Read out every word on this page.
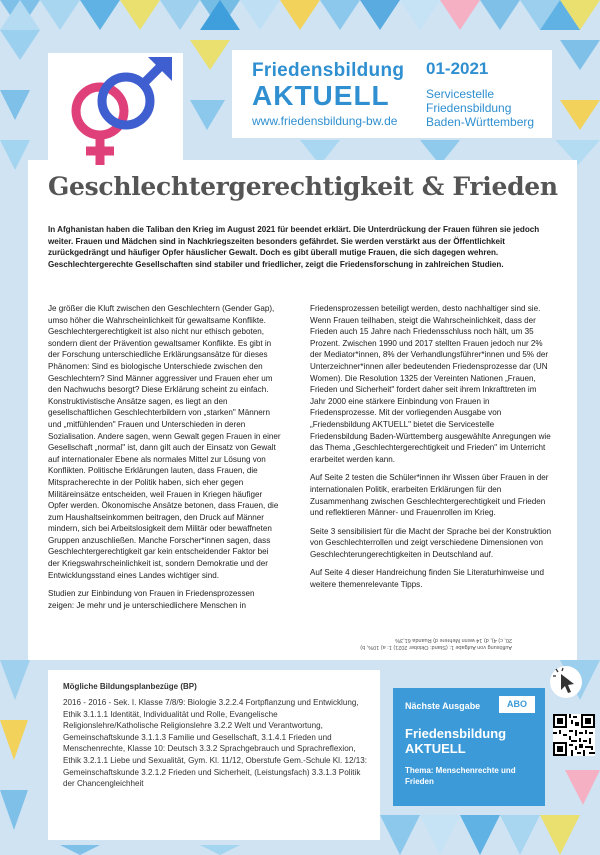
Friedensbildung
AKTUELL
www.friedensbildung-bw.de
01-2021
Servicestelle
Friedensbildung
Baden-Württemberg
Geschlechtergerechtigkeit & Frieden
In Afghanistan haben die Taliban den Krieg im August 2021 für beendet erklärt. Die Unterdrückung der Frauen führen sie jedoch weiter. Frauen und Mädchen sind in Nachkriegszeiten besonders gefährdet. Sie werden verstärkt aus der Öffentlichkeit zurückgedrängt und häufiger Opfer häuslicher Gewalt. Doch es gibt überall mutige Frauen, die sich dagegen wehren. Geschlechtergerechte Gesellschaften sind stabiler und friedlicher, zeigt die Friedensforschung in zahlreichen Studien.

Je größer die Kluft zwischen den Geschlechtern (Gender Gap), umso höher die Wahrscheinlichkeit für gewaltsame Konflikte. Geschlechtergerechtigkeit ist also nicht nur ethisch geboten, sondern dient der Prävention gewaltsamer Konflikte. Es gibt in der Forschung unterschiedliche Erklärungsansätze für dieses Phänomen: Sind es biologische Unterschiede zwischen den Geschlechtern? Sind Männer aggressiver und Frauen eher um den Nachwuchs besorgt? Diese Erklärung scheint zu einfach. Konstruktivistische Ansätze sagen, es liegt an den gesellschaftlichen Geschlechterbildern von „starken" Männern und „mitfühlenden" Frauen und Unterschieden in deren Sozialisation. Andere sagen, wenn Gewalt gegen Frauen in einer Gesellschaft „normal" ist, dann gilt auch der Einsatz von Gewalt auf internationaler Ebene als normales Mittel zur Lösung von Konflikten. Politische Erklärungen lauten, dass Frauen, die Mitspracherechte in der Politik haben, sich eher gegen Militäreinsätze entscheiden, weil Frauen in Kriegen häufiger Opfer werden. Ökonomische Ansätze betonen, dass Frauen, die zum Haushaltseinkommen beitragen, den Druck auf Männer mindern, sich bei Arbeitslosigkeit dem Militär oder bewaffneten Gruppen anzuschließen. Manche Forscher*innen sagen, dass Geschlechtergerechtigkeit gar kein entscheidender Faktor bei der Kriegswahrscheinlichkeit ist, sondern Demokratie und der Entwicklungsstand eines Landes wichtiger sind.

Studien zur Einbindung von Frauen in Friedensprozessen zeigen: Je mehr und je unterschiedlichere Menschen in

Friedensprozessen beteiligt werden, desto nachhaltiger sind sie. Wenn Frauen teilhaben, steigt die Wahrscheinlichkeit, dass der Frieden auch 15 Jahre nach Friedensschluss noch hält, um 35 Prozent. Zwischen 1990 und 2017 stellten Frauen jedoch nur 2% der Mediator*innen, 8% der Verhandlungsführer*innen und 5% der Unterzeichner*innen aller bedeutenden Friedensprozesse dar (UN Women). Die Resolution 1325 der Vereinten Nationen „Frauen, Frieden und Sicherheit" fordert daher seit ihrem Inkrafttreten im Jahr 2000 eine stärkere Einbindung von Frauen in Friedensprozesse. Mit der vorliegenden Ausgabe von „Friedensbildung AKTUELL" bietet die Servicestelle Friedensbildung Baden-Württemberg ausgewählte Anregungen wie das Thema „Geschlechtergerechtigkeit und Frieden" im Unterricht erarbeitet werden kann.

Auf Seite 2 testen die Schüler*innen ihr Wissen über Frauen in der internationalen Politik, erarbeiten Erklärungen für den Zusammenhang zwischen Geschlechtergerechtigkeit und Frieden und reflektieren Männer- und Frauenrollen im Krieg.

Seite 3 sensibilisiert für die Macht der Sprache bei der Konstruktion von Geschlechterrollen und zeigt verschiedene Dimensionen von Geschlechterungerechtigkeiten in Deutschland auf.

Auf Seite 4 dieser Handreichung finden Sie Literaturhinweise und weitere themenrelevante Tipps.

Auflösung von Aufgabe 1: (Stand: Oktober 2021) 1: a) 10%, b) 20, c) 4), d) 14 wenn Mehrere d) Ruanda 61,3%
Mögliche Bildungsplanbezüge (BP)
2016 - 2016 - Sek. I. Klasse 7/8/9: Biologie 3.2.2.4 Fortpflanzung und Entwicklung, Ethik 3.1.1.1 Identität, Individualität und Rolle, Evangelische Religionslehre/Katholische Religionslehre 3.2.2 Welt und Verantwortung, Gemeinschaftskunde 3.1.1.3 Familie und Gesellschaft, 3.1.4.1 Frieden und Menschenrechte, Klasse 10: Deutsch 3.3.2 Sprachgebrauch und Sprachreflexion, Ethik 3.2.1.1 Liebe und Sexualität, Gym. Kl. 11/12, Oberstufe Gem.-Schule Kl. 12/13: Gemeinschaftskunde 3.2.1.2 Frieden und Sicherheit, (Leistungsfach) 3.3.1.3 Politik der Chancengleichheit
Nächste Ausgabe	ABO
Friedensbildung
AKTUELL
Thema: Menschenrechte und Frieden
